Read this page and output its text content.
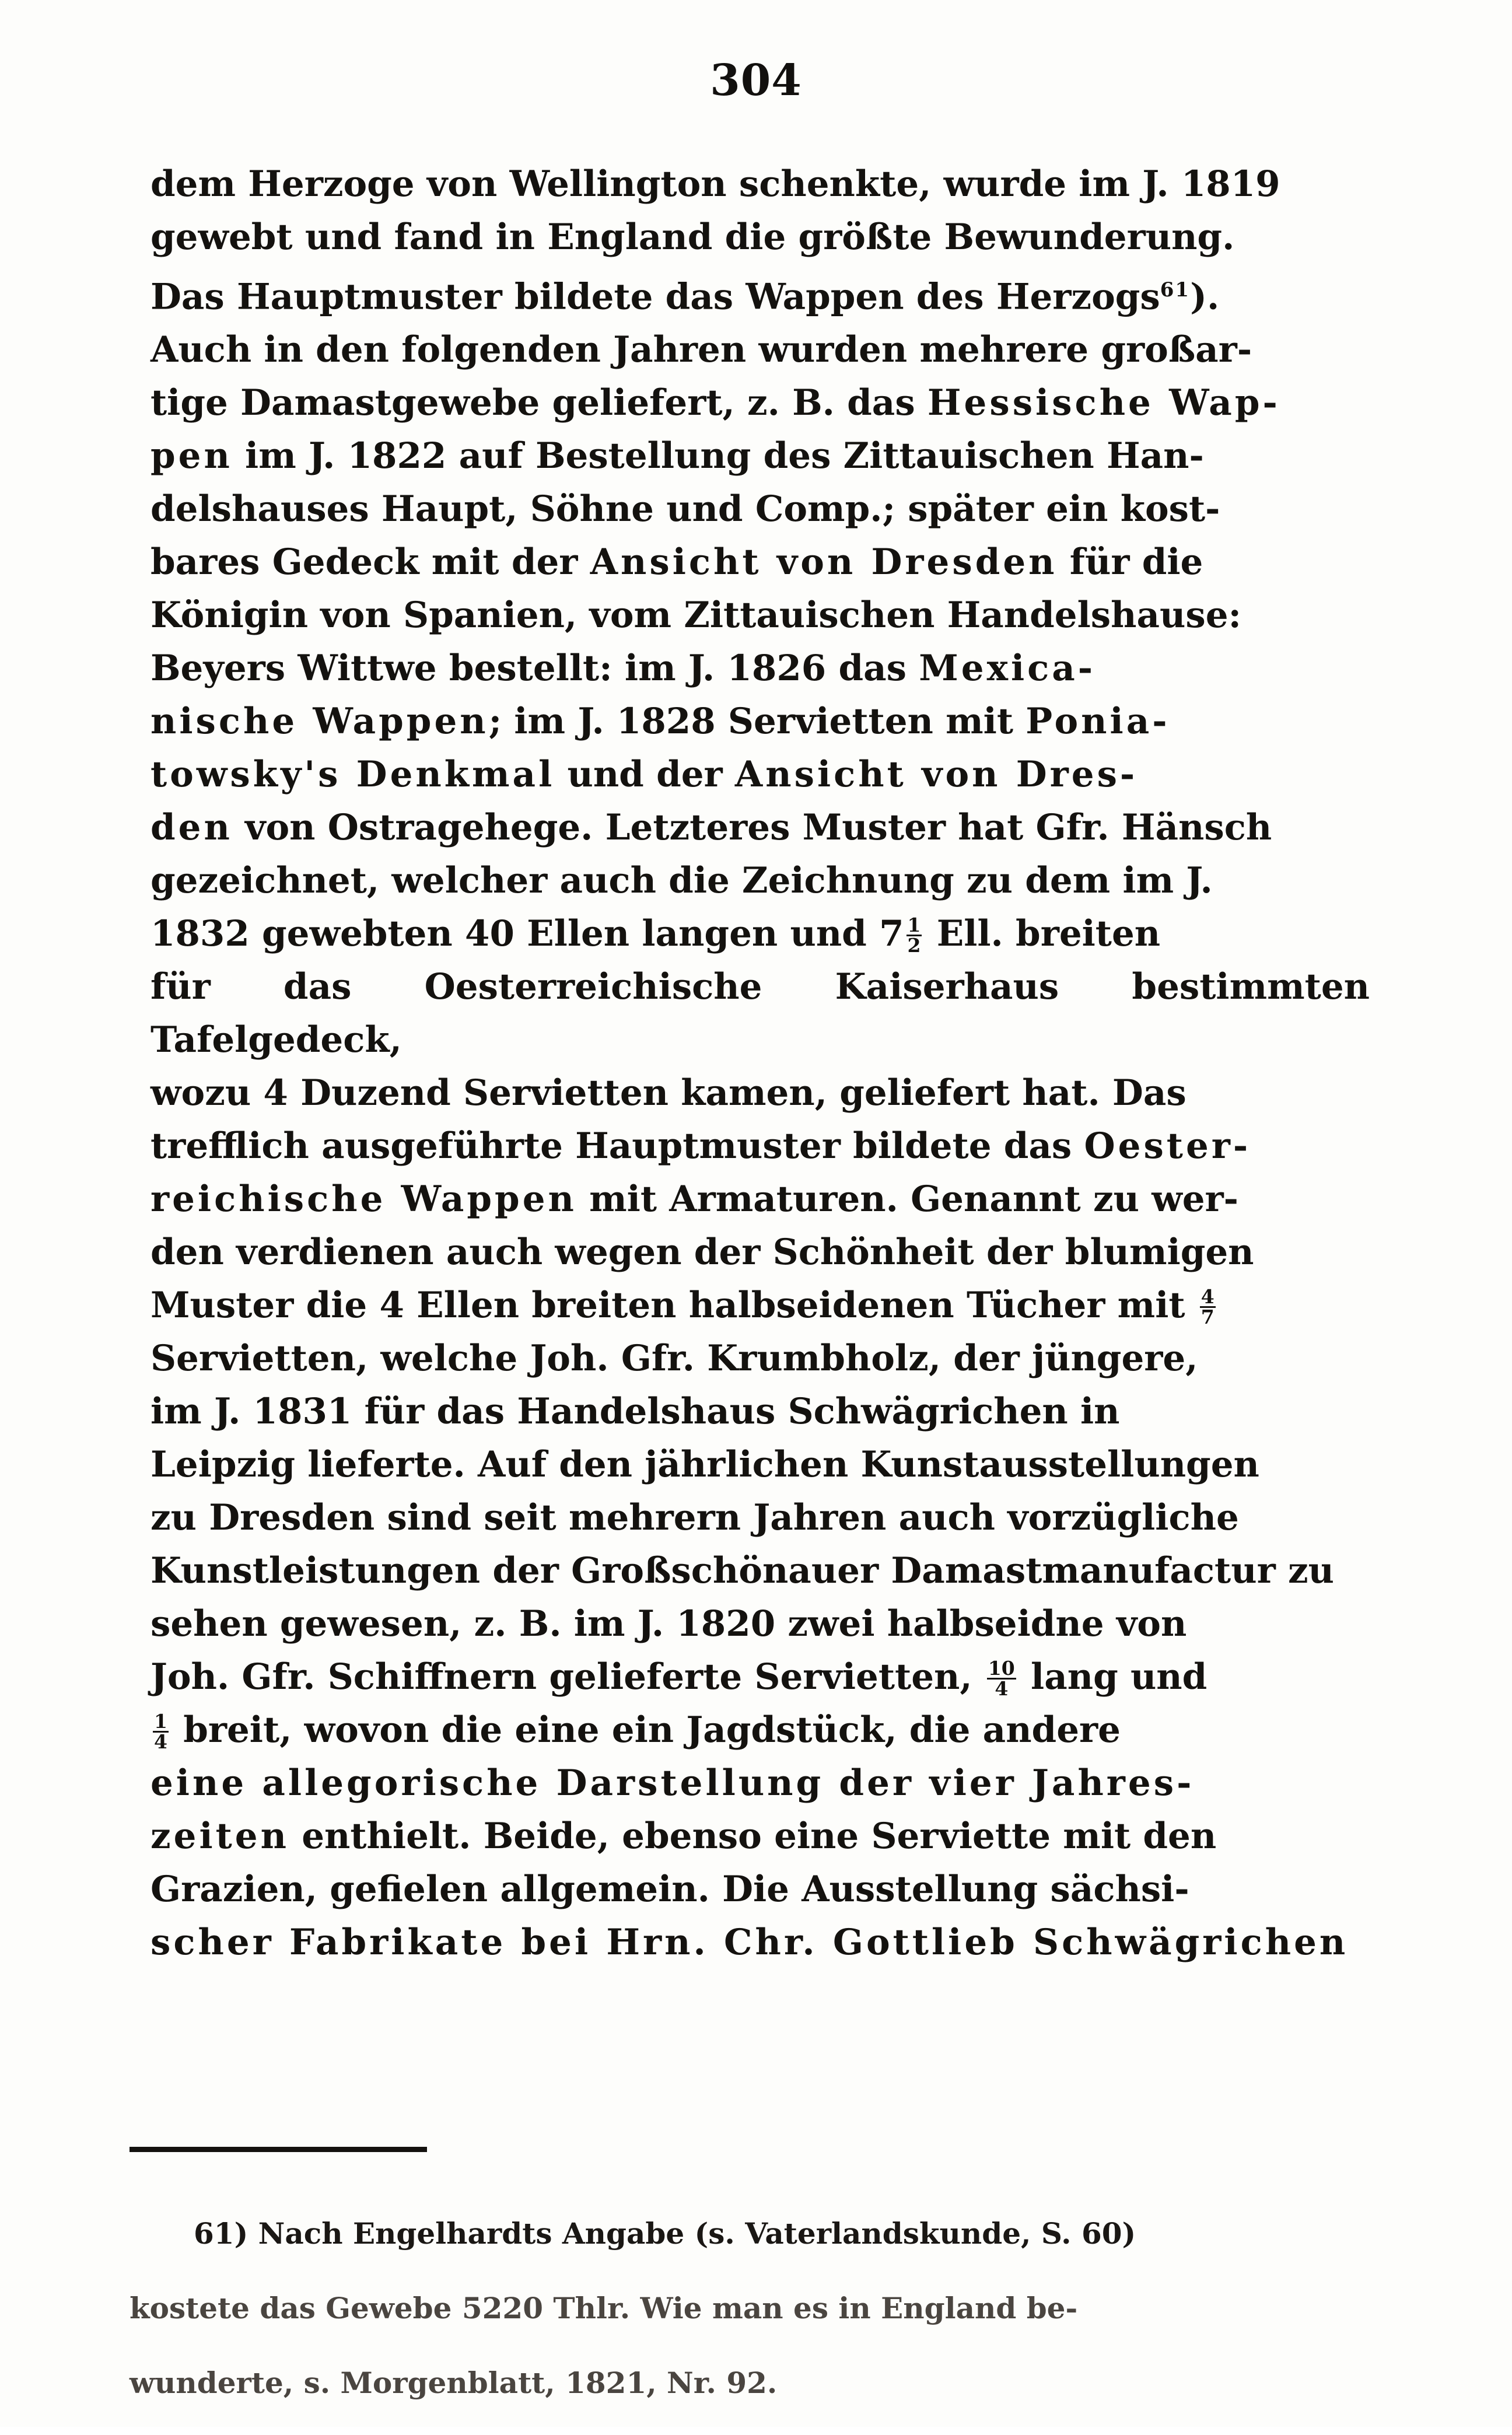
304

dem Herzoge von Wellington schenkte, wurde im J. 1819

gewebt und fand in England die größte Bewunderung.

Das Hauptmuster bildete das Wappen des Herzogs$^{61}$).

Auch in den folgenden Jahren wurden mehrere großar‑

tige Damastgewebe geliefert, z. B. das Hessische Wap‑

pen im J. 1822 auf Bestellung des Zittauischen Han‑

delshauses Haupt, Söhne und Comp.; später ein kost‑

bares Gedeck mit der Ansicht von Dresden für die

Königin von Spanien, vom Zittauischen Handelshause:

Beyers Wittwe bestellt: im J. 1826 das Mexica‑

nische Wappen; im J. 1828 Servietten mit Ponia‑

towsky's Denkmal und der Ansicht von Dres‑

den von Ostragehege. Letzteres Muster hat Gfr. Hänsch

gezeichnet, welcher auch die Zeichnung zu dem im J.

1832 gewebten 40 Ellen langen und $7 \frac{1}{2}$ Ell. breiten

für das Oesterreichische Kaiserhaus bestimmten Tafelgedeck,

wozu 4 Duzend Servietten kamen, geliefert hat. Das

trefflich ausgeführte Hauptmuster bildete das Oester‑

reichische Wappen mit Armaturen. Genannt zu wer‑

den verdienen auch wegen der Schönheit der blumigen

Muster die 4 Ellen breiten halbseidenen Tücher mit $\frac{4}{7}$

Servietten, welche Joh. Gfr. Krumbholz, der jüngere,

im J. 1831 für das Handelshaus Schwägrichen in

Leipzig lieferte. Auf den jährlichen Kunstausstellungen

zu Dresden sind seit mehrern Jahren auch vorzügliche

Kunstleistungen der Großschönauer Damastmanufactur zu

sehen gewesen, z. B. im J. 1820 zwei halbseidne von

Joh. Gfr. Schiffnern gelieferte Servietten, $\frac{10}{4}$ lang und

$\frac{1}{4}$ breit, wovon die eine ein Jagdstück, die andere

eine allegorische Darstellung der vier Jahres‑

zeiten enthielt. Beide, ebenso eine Serviette mit den

Grazien, gefielen allgemein. Die Ausstellung sächsi‑

scher Fabrikate bei Hrn. Chr. Gottlieb Schwägrichen

61) Nach Engelhardts Angabe (s. Vaterlandskunde, S. 60)

kostete das Gewebe 5220 Thlr. Wie man es in England be‑

wunderte, s. Morgenblatt, 1821, Nr. 92.
